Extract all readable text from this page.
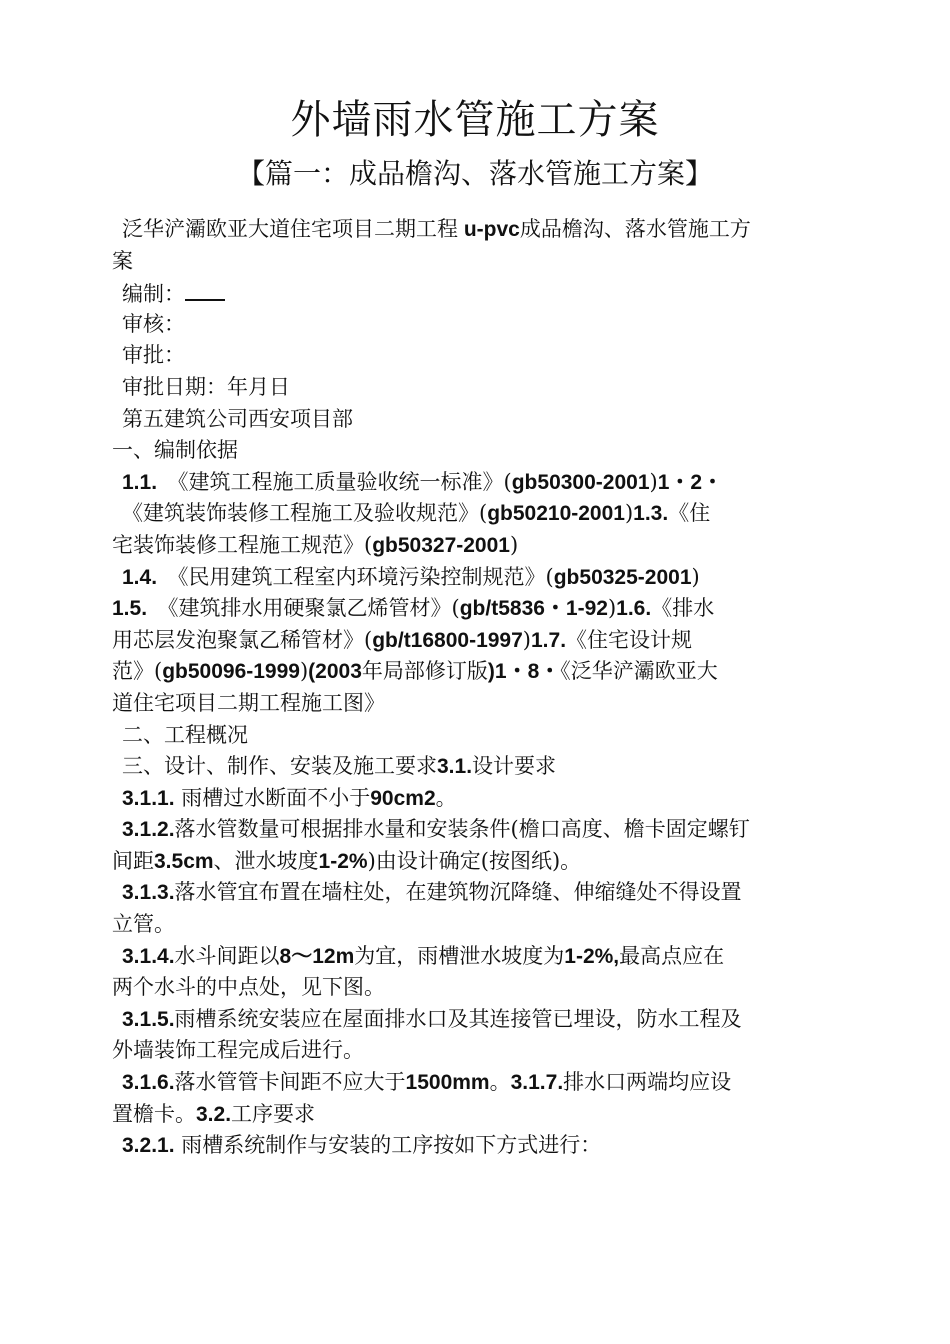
外墙雨水管施工方案
【篇一：成品檐沟、落水管施工方案】
泛华浐灞欧亚大道住宅项目二期工程 u-pvc成品檐沟、落水管施工方
案
编制：
审核：
审批：
审批日期：年月日
第五建筑公司西安项目部
一、编制依据
1.1.　《建筑工程施工质量验收统一标准》(gb50300-2001)1・2・
《建筑装饰装修工程施工及验收规范》(gb50210-2001)1.3.《住
宅装饰装修工程施工规范》(gb50327-2001)
1.4.　《民用建筑工程室内环境污染控制规范》(gb50325-2001)
1.5.　《建筑排水用硬聚氯乙烯管材》(gb/t5836・1-92)1.6.《排水
用芯层发泡聚氯乙稀管材》(gb/t16800-1997)1.7.《住宅设计规
范》(gb50096-1999)(2003年局部修订版)1・8・《泛华浐灞欧亚大
道住宅项目二期工程施工图》
二、工程概况
三、设计、制作、安装及施工要求3.1.设计要求
3.1.1. 雨槽过水断面不小于90cm2。
3.1.2.落水管数量可根据排水量和安装条件(檐口高度、檐卡固定螺钉
间距3.5cm、泄水坡度1-2%)由设计确定(按图纸)。
3.1.3.落水管宜布置在墙柱处，在建筑物沉降缝、伸缩缝处不得设置
立管。
3.1.4.水斗间距以8～12m为宜，雨槽泄水坡度为1-2%,最高点应在
两个水斗的中点处，见下图。
3.1.5.雨槽系统安装应在屋面排水口及其连接管已埋设，防水工程及
外墙装饰工程完成后进行。
3.1.6.落水管管卡间距不应大于1500mm。3.1.7.排水口两端均应设
置檐卡。3.2.工序要求
3.2.1. 雨槽系统制作与安装的工序按如下方式进行：
